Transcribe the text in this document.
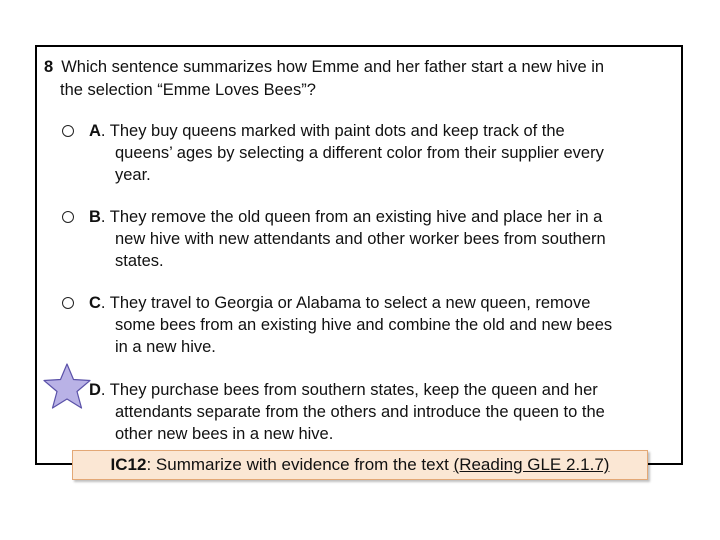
8 Which sentence summarizes how Emme and her father start a new hive in
the selection “Emme Loves Bees”?
A. They buy queens marked with paint dots and keep track of the
queens’ ages by selecting a different color from their supplier every
year.
B. They remove the old queen from an existing hive and place her in a
new hive with new attendants and other worker bees from southern
states.
C. They travel to Georgia or Alabama to select a new queen, remove
some bees from an existing hive and combine the old and new bees
in a new hive.
D. They purchase bees from southern states, keep the queen and her
attendants separate from the others and introduce the queen to the
other new bees in a new hive.
IC12: Summarize with evidence from the text (Reading GLE 2.1.7)
